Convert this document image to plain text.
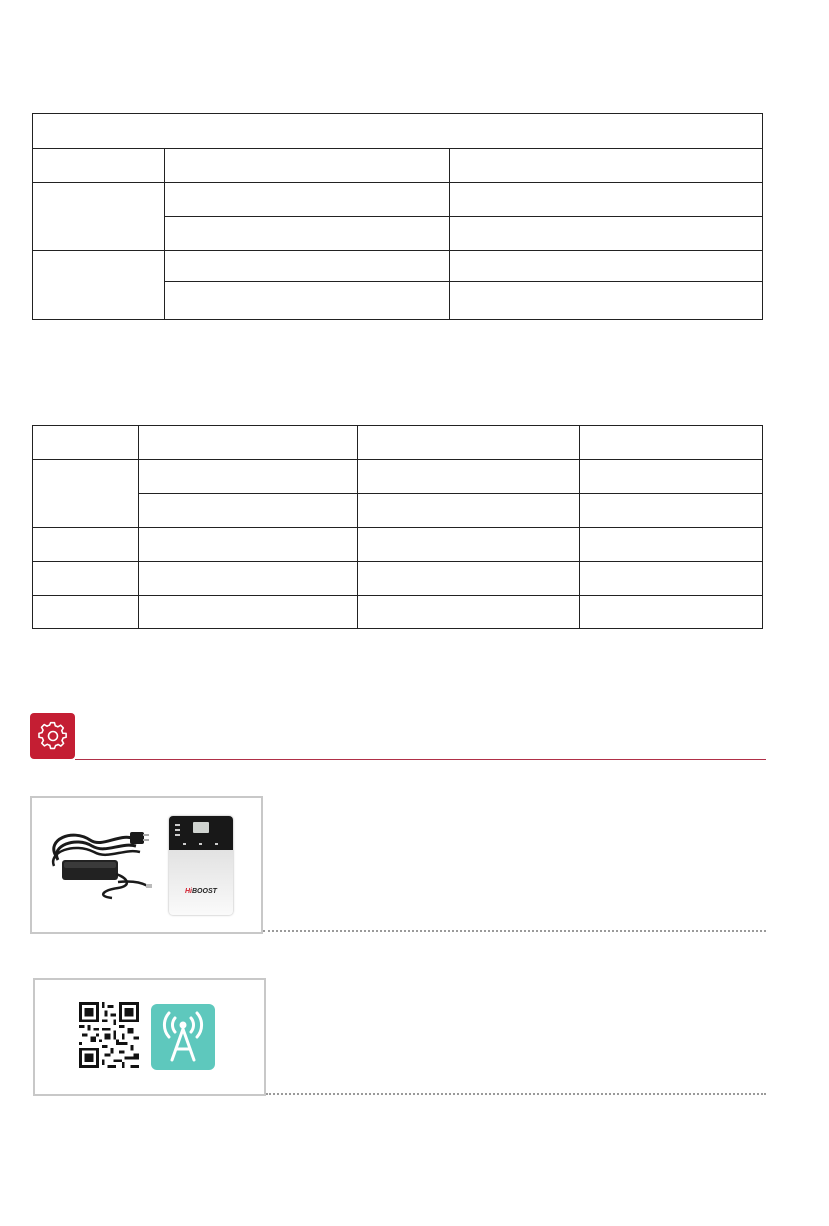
HiBOOST
